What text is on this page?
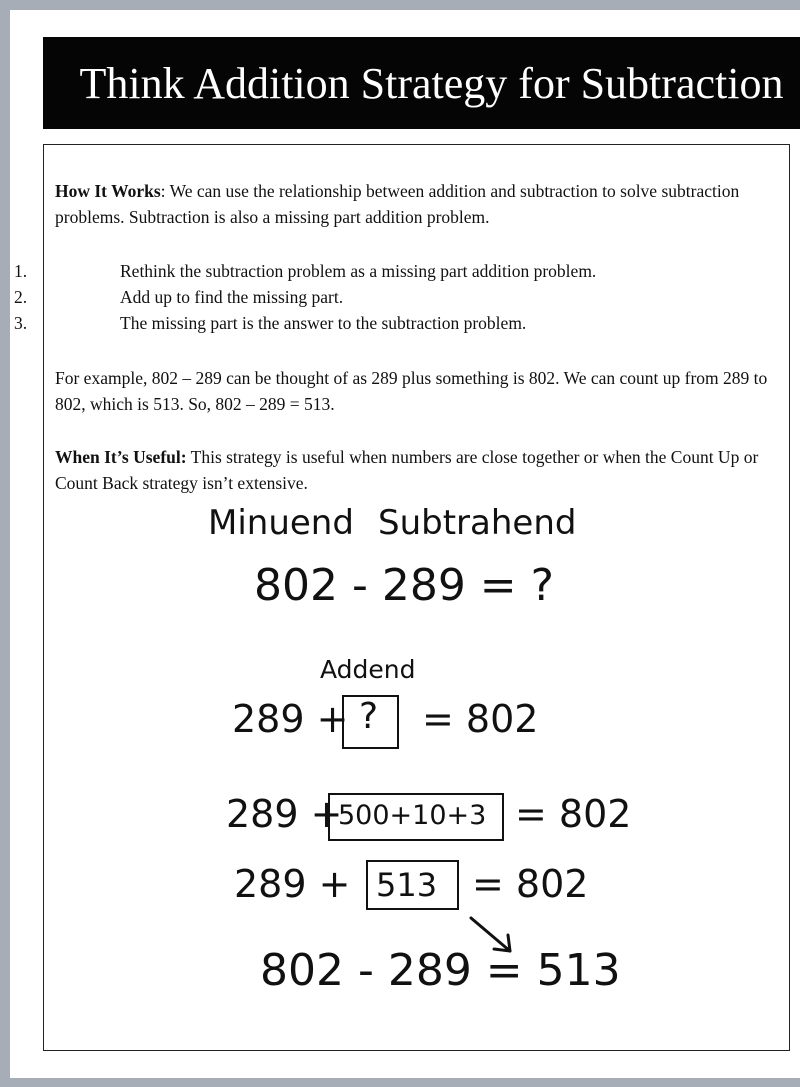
Think Addition Strategy for Subtraction
How It Works: We can use the relationship between addition and subtraction to solve subtraction problems. Subtraction is also a missing part addition problem.
1.	Rethink the subtraction problem as a missing part addition problem.
2.	Add up to find the missing part.
3.	The missing part is the answer to the subtraction problem.
For example, 802 – 289 can be thought of as 289 plus something is 802. We can count up from 289 to 802, which is 513. So, 802 – 289 = 513.
When It’s Useful: This strategy is useful when numbers are close together or when the Count Up or Count Back strategy isn’t extensive.
Minuend Subtrahend
802 - 289 = ?
Addend
289 + ? = 802
289 +
500+10+3 = 802
289 + 513 = 802
802 - 289 = 513
